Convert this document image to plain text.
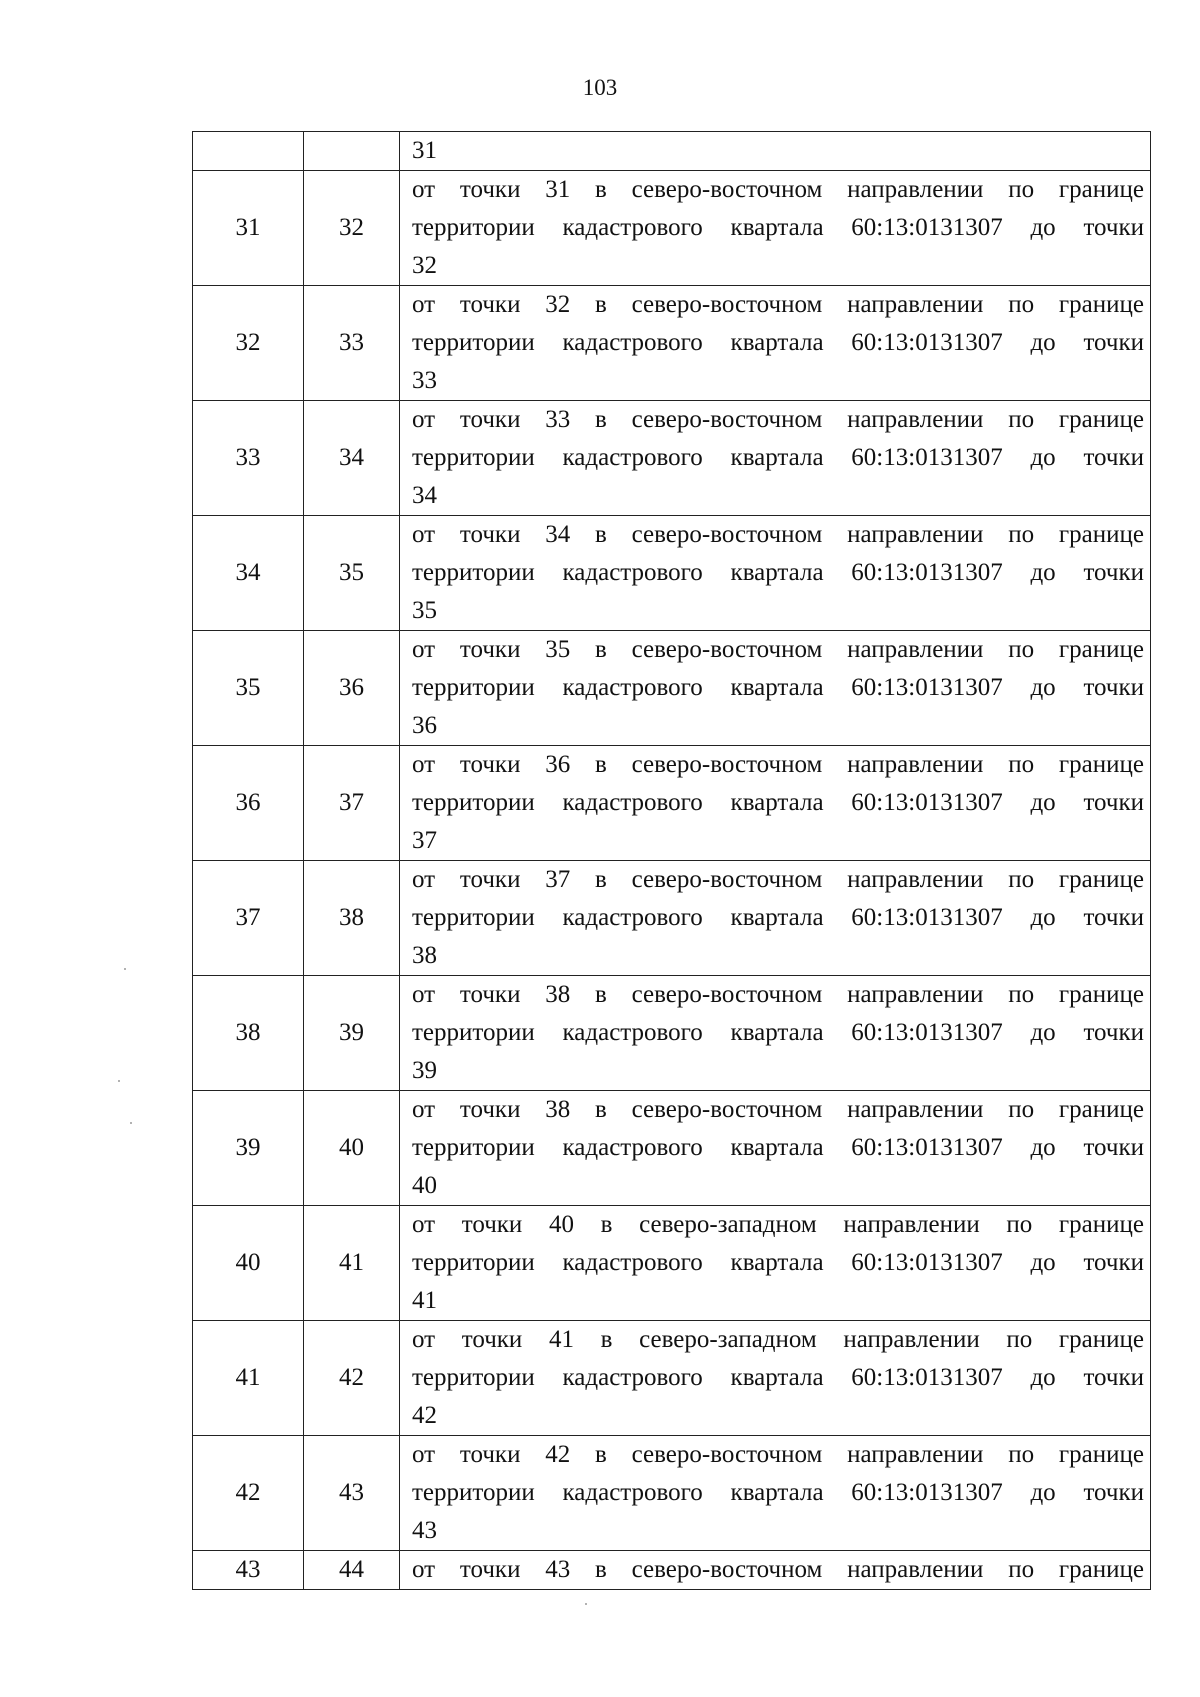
103
		31
31	32	от точки 31 в северо-восточном направлении по границе
территории кадастрового квартала 60:13:0131307 до точки
32

32	33	от точки 32 в северо-восточном направлении по границе
территории кадастрового квартала 60:13:0131307 до точки
33

33	34	от точки 33 в северо-восточном направлении по границе
территории кадастрового квартала 60:13:0131307 до точки
34

34	35	от точки 34 в северо-восточном направлении по границе
территории кадастрового квартала 60:13:0131307 до точки
35

35	36	от точки 35 в северо-восточном направлении по границе
территории кадастрового квартала 60:13:0131307 до точки
36

36	37	от точки 36 в северо-восточном направлении по границе
территории кадастрового квартала 60:13:0131307 до точки
37

37	38	от точки 37 в северо-восточном направлении по границе
территории кадастрового квартала 60:13:0131307 до точки
38

38	39	от точки 38 в северо-восточном направлении по границе
территории кадастрового квартала 60:13:0131307 до точки
39

39	40	от точки 38 в северо-восточном направлении по границе
территории кадастрового квартала 60:13:0131307 до точки
40

40	41	от точки 40 в северо-западном направлении по границе
территории кадастрового квартала 60:13:0131307 до точки
41

41	42	от точки 41 в северо-западном направлении по границе
территории кадастрового квартала 60:13:0131307 до точки
42

42	43	от точки 42 в северо-восточном направлении по границе
территории кадастрового квартала 60:13:0131307 до точки
43

43	44	от точки 43 в северо-восточном направлении по границе
